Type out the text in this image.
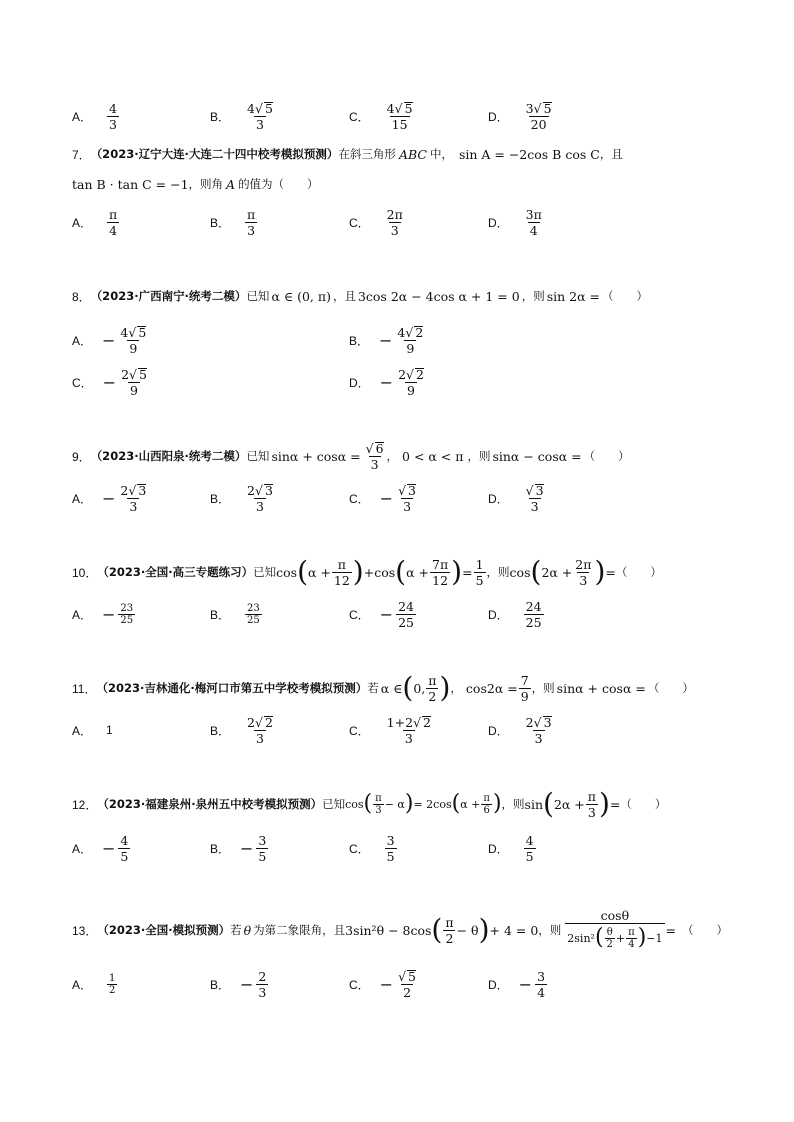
A． $\frac{4}{3}$	B． $\frac{4√ 5}{3}$	C． $\frac{4√ 5}{15}$	D． $\frac{3√ 5}{20}$
7． （2023·辽宁大连·大连二十四中校考模拟预测） 在斜三角形 ABC 中， sin A = −2cos B cos C ，且
tan B · tan C = −1 ，则角 A 的值为（　　）
A． $\frac{\pi}{4}$	B． $\frac{\pi}{3}$	C． $\frac{2\pi}{3}$	D． $\frac{3\pi}{4}$
8． （2023·广西南宁·统考二模） 已知 α ∈ (0, π) ，且 3cos 2α − 4cos α + 1 = 0 ，则 sin 2α = （　　）
A． − $\frac{4√ 5}{9}$	B． − $\frac{4√ 2}{9}$
C． − $\frac{2√ 5}{9}$	D． − $\frac{2√ 2}{9}$
9． （2023·山西阳泉·统考二模） 已知 $\sin\alpha + \cos\alpha = \frac{√ 6}{3}$ ， 0 < α < π ，则 sinα − cosα = （　　）
A． − $\frac{2√ 3}{3}$	B． $\frac{2√ 3}{3}$	C． − $\frac{√ 3}{3}$	D． $\frac{√ 3}{3}$
10． （2023·全国·高三专题练习） 已知 cos ( $\alpha + \frac{\pi}{12}$ ) + cos ( $\alpha + \frac{7\pi}{12}$ ) = $\frac{1}{5}$ ，则 cos ( $2\alpha + \frac{2\pi}{3}$ ) = （　　）
A． − $\frac{23}{25}$	B． $\frac{23}{25}$	C． − $\frac{24}{25}$	D． $\frac{24}{25}$
11． （2023·吉林通化·梅河口市第五中学校考模拟预测） 若 α ∈ ( 0, $\frac{\pi}{2}$ ) ， $\cos 2\alpha = \frac{7}{9}$ ，则 sinα + cosα = （　　）
A． 1	B． $\frac{2√ 2}{3}$	C． $\frac{1+2√ 2}{3}$	D． $\frac{2√ 3}{3}$
12． （2023·福建泉州·泉州五中校考模拟预测） 已知 cos ( $\frac{\pi}{3} - \alpha$ ) = 2cos ( $\alpha + \frac{\pi}{6}$ ) ，则 sin ( $2\alpha + \frac{\pi}{3}$ ) = （　　）
A． − $\frac{4}{5}$	B． − $\frac{3}{5}$	C． $\frac{3}{5}$	D． $\frac{4}{5}$
13． （2023·全国·模拟预测） 若 θ 为第二象限角，且 3sin²θ − 8cos ( $\frac{\pi}{2} - \theta$ ) + 4 = 0 ，则 $\frac{\cos\theta}{2\sin^2 ( \frac{\theta}{2} + \frac{\pi}{4} ) -1}$ = （　　）
A． $\frac{1}{2}$	B． − $\frac{2}{3}$	C． − $\frac{√ 5}{2}$	D． − $\frac{3}{4}$
